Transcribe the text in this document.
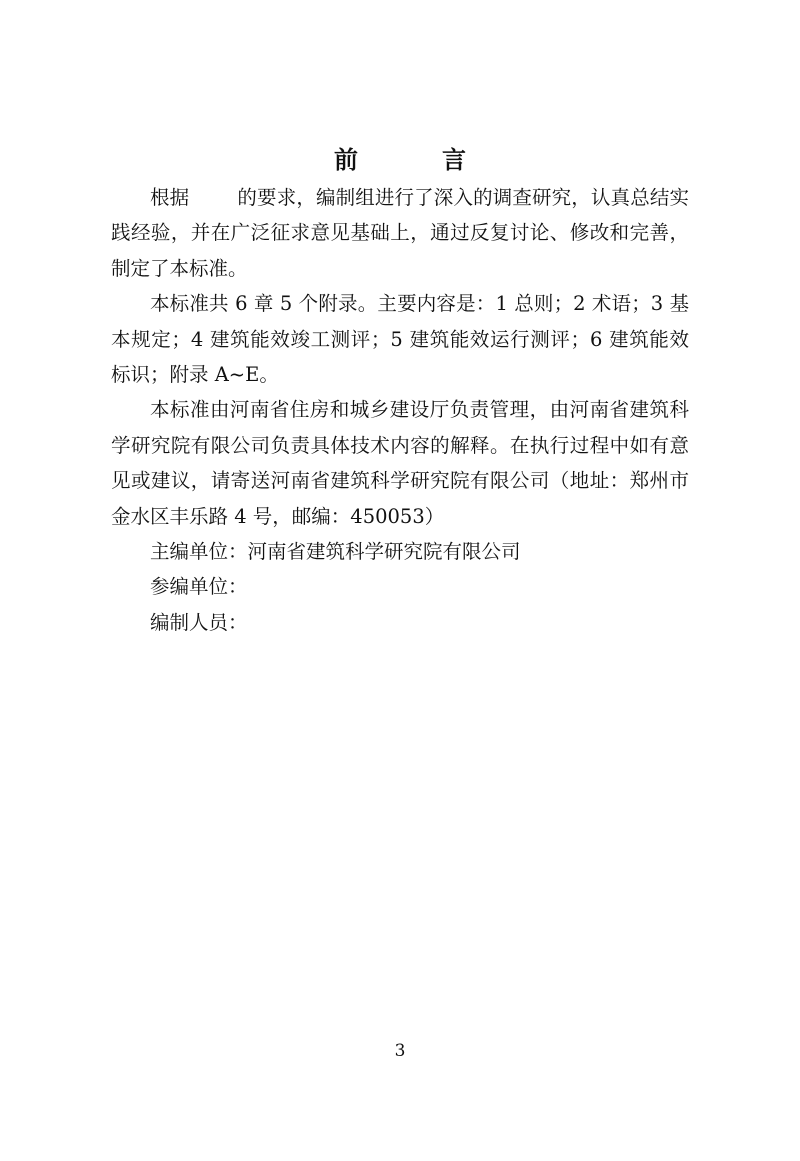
前　言

根据 的要求，编制组进行了深入的调查研究，认真总结实践经验，并在广泛征求意见基础上，通过反复讨论、修改和完善，制定了本标准。

本标准共 6 章 5 个附录。主要内容是：1 总则；2 术语；3 基本规定；4 建筑能效竣工测评；5 建筑能效运行测评；6 建筑能效标识；附录 A~E。

本标准由河南省住房和城乡建设厅负责管理，由河南省建筑科学研究院有限公司负责具体技术内容的解释。在执行过程中如有意见或建议，请寄送河南省建筑科学研究院有限公司（地址：郑州市金水区丰乐路 4 号，邮编：450053）

主编单位：河南省建筑科学研究院有限公司

参编单位：

编制人员：

3
